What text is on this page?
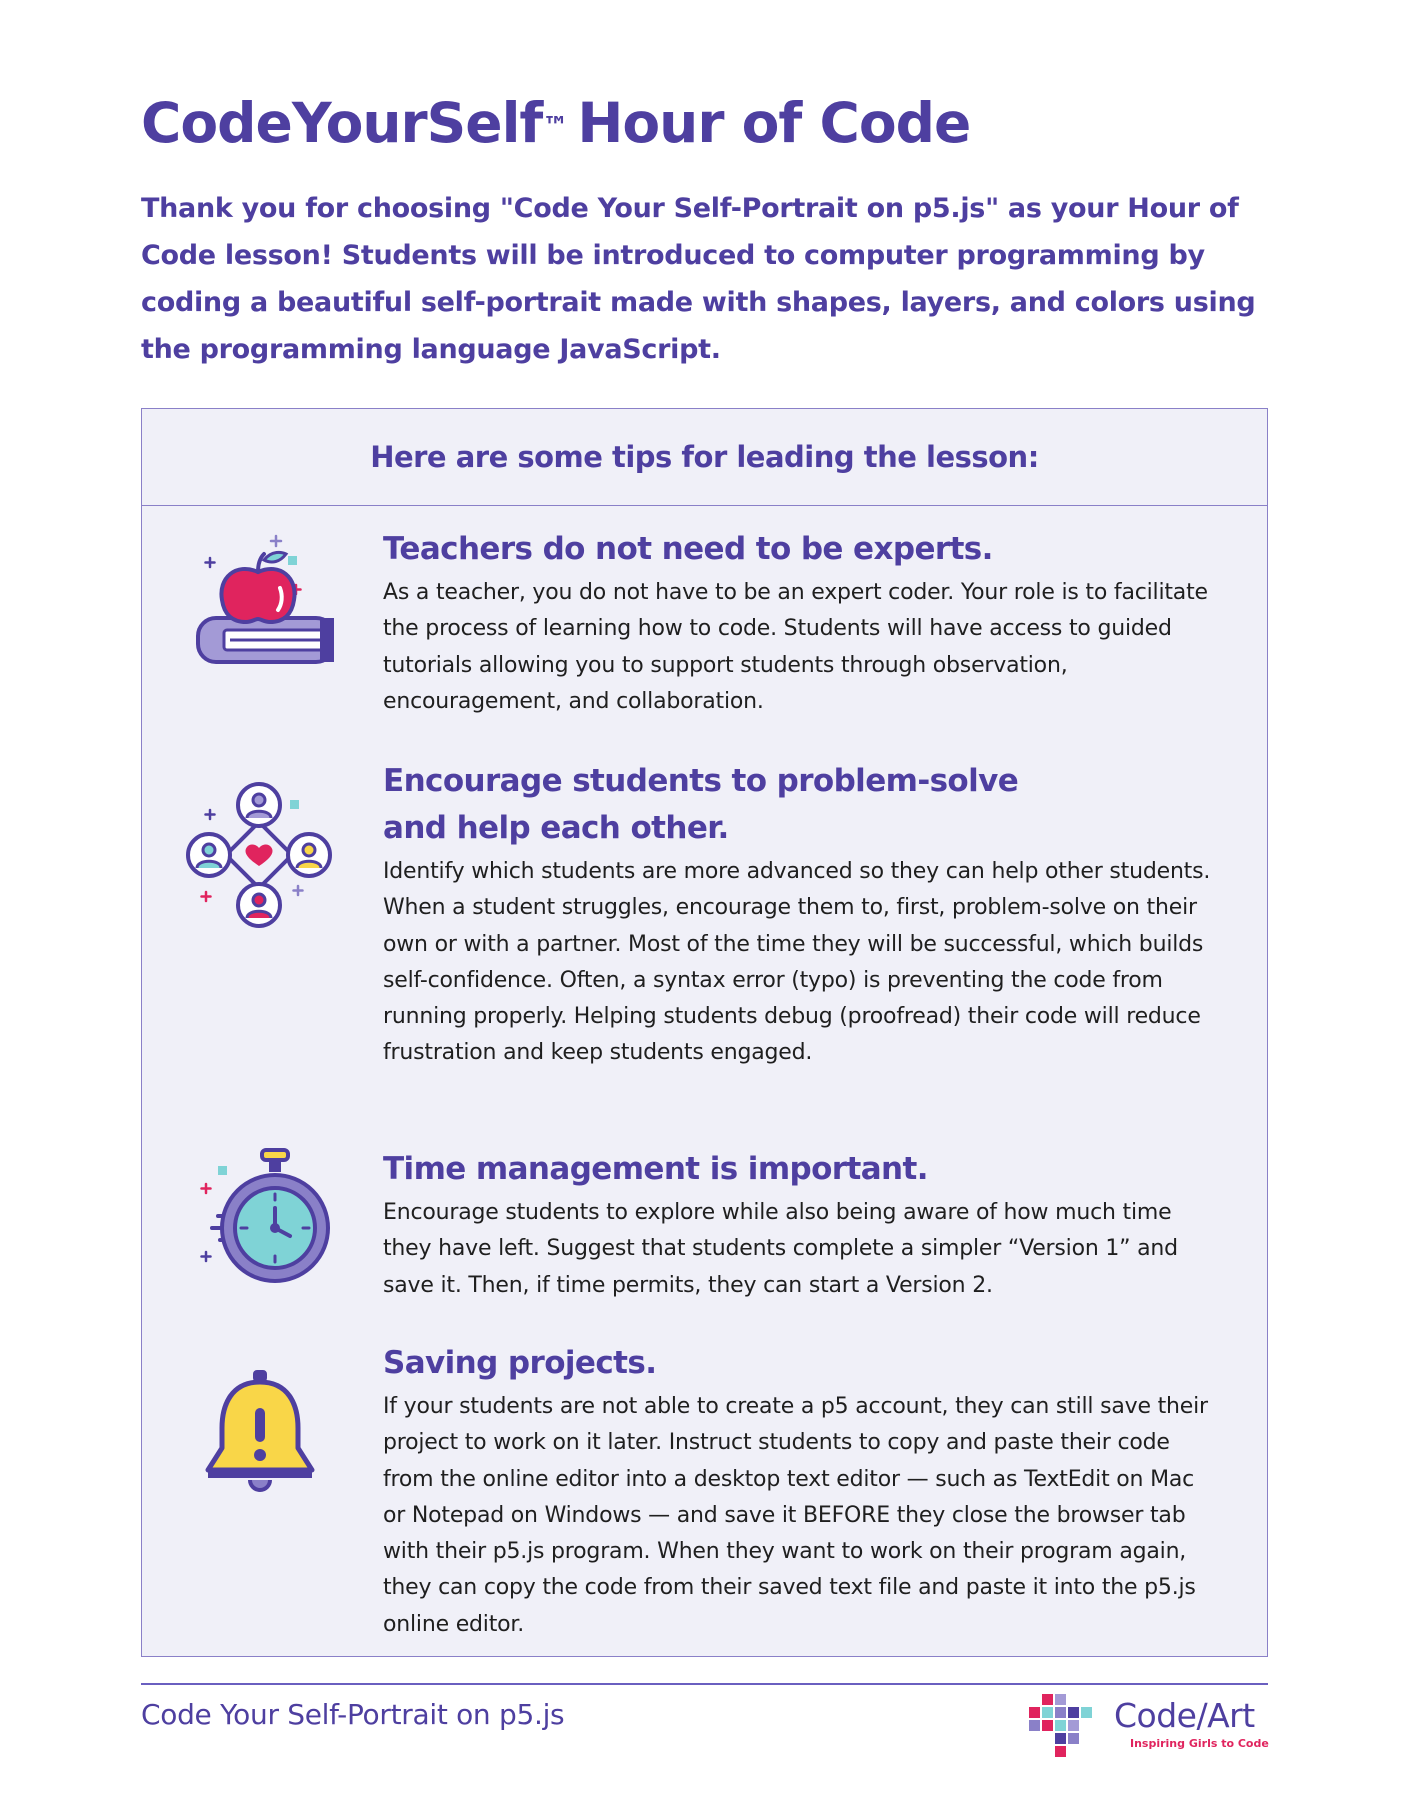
CodeYourSelf™ Hour of Code

Thank you for choosing "Code Your Self-Portrait on p5.js" as your Hour of Code lesson! Students will be introduced to computer programming by coding a beautiful self-portrait made with shapes, layers, and colors using the programming language JavaScript.

Here are some tips for leading the lesson:
Teachers do not need to be experts.

As a teacher, you do not have to be an expert coder. Your role is to facilitate the process of learning how to code. Students will have access to guided tutorials allowing you to support students through observation, encouragement, and collaboration.

Encourage students to problem-solve
and help each other.

Identify which students are more advanced so they can help other students. When a student struggles, encourage them to, first, problem-solve on their own or with a partner. Most of the time they will be successful, which builds self-confidence. Often, a syntax error (typo) is preventing the code from running properly. Helping students debug (proofread) their code will reduce frustration and keep students engaged.

Time management is important.

Encourage students to explore while also being aware of how much time they have left. Suggest that students complete a simpler “Version 1” and save it. Then, if time permits, they can start a Version 2.

Saving projects.

If your students are not able to create a p5 account, they can still save their project to work on it later. Instruct students to copy and paste their code from the online editor into a desktop text editor — such as TextEdit on Mac or Notepad on Windows — and save it BEFORE they close the browser tab with their p5.js program. When they want to work on their program again, they can copy the code from their saved text file and paste it into the p5.js online editor.

Code Your Self-Portrait on p5.js	Code/Art
Inspiring Girls to Code
